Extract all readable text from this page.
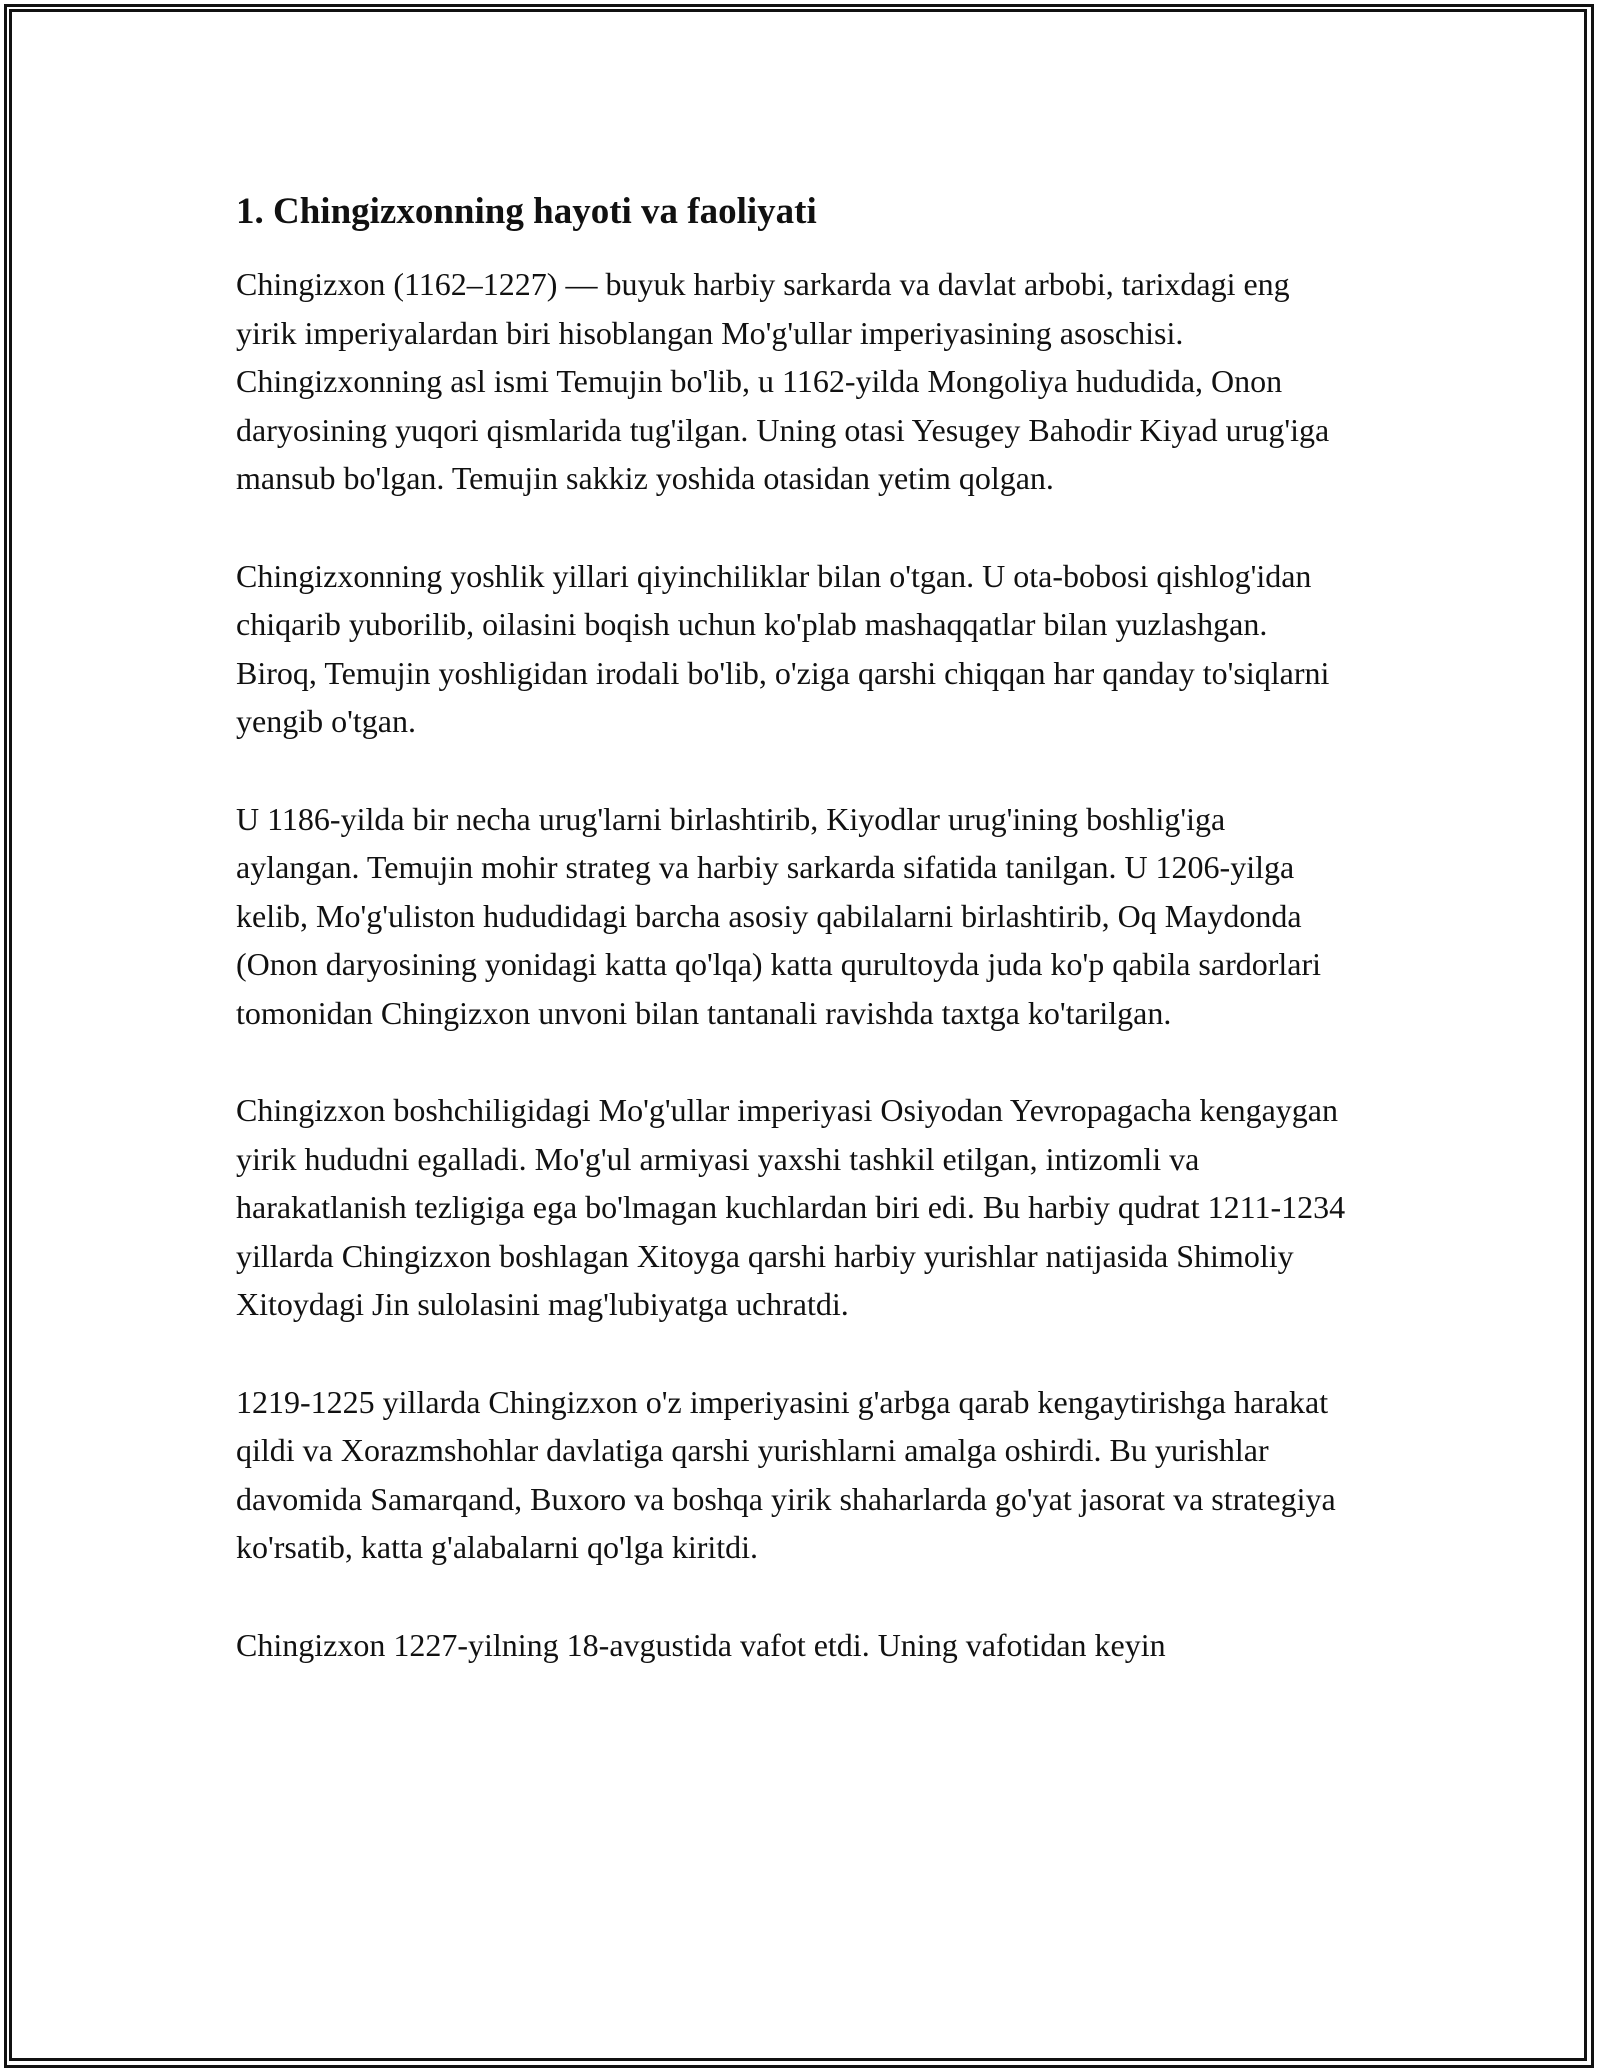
1. Chingizxonning hayoti va faoliyati

Chingizxon (1162–1227) — buyuk harbiy sarkarda va davlat arbobi, tarixdagi eng yirik imperiyalardan biri hisoblangan Mo'g'ullar imperiyasining asoschisi. Chingizxonning asl ismi Temujin bo'lib, u 1162-yilda Mongoliya hududida, Onon daryosining yuqori qismlarida tug'ilgan. Uning otasi Yesugey Bahodir Kiyad urug'iga mansub bo'lgan. Temujin sakkiz yoshida otasidan yetim qolgan.

Chingizxonning yoshlik yillari qiyinchiliklar bilan o'tgan. U ota-bobosi qishlog'idan chiqarib yuborilib, oilasini boqish uchun ko'plab mashaqqatlar bilan yuzlashgan. Biroq, Temujin yoshligidan irodali bo'lib, o'ziga qarshi chiqqan har qanday to'siqlarni yengib o'tgan.

U 1186-yilda bir necha urug'larni birlashtirib, Kiyodlar urug'ining boshlig'iga aylangan. Temujin mohir strateg va harbiy sarkarda sifatida tanilgan. U 1206-yilga kelib, Mo'g'uliston hududidagi barcha asosiy qabilalarni birlashtirib, Oq Maydonda (Onon daryosining yonidagi katta qo'lqa) katta qurultoyda juda ko'p qabila sardorlari tomonidan Chingizxon unvoni bilan tantanali ravishda taxtga ko'tarilgan.

Chingizxon boshchiligidagi Mo'g'ullar imperiyasi Osiyodan Yevropagacha kengaygan yirik hududni egalladi. Mo'g'ul armiyasi yaxshi tashkil etilgan, intizomli va harakatlanish tezligiga ega bo'lmagan kuchlardan biri edi. Bu harbiy qudrat 1211-1234 yillarda Chingizxon boshlagan Xitoyga qarshi harbiy yurishlar natijasida Shimoliy Xitoydagi Jin sulolasini mag'lubiyatga uchratdi.

1219-1225 yillarda Chingizxon o'z imperiyasini g'arbga qarab kengaytirishga harakat qildi va Xorazmshohlar davlatiga qarshi yurishlarni amalga oshirdi. Bu yurishlar davomida Samarqand, Buxoro va boshqa yirik shaharlarda go'yat jasorat va strategiya ko'rsatib, katta g'alabalarni qo'lga kiritdi.

Chingizxon 1227-yilning 18-avgustida vafot etdi. Uning vafotidan keyin
